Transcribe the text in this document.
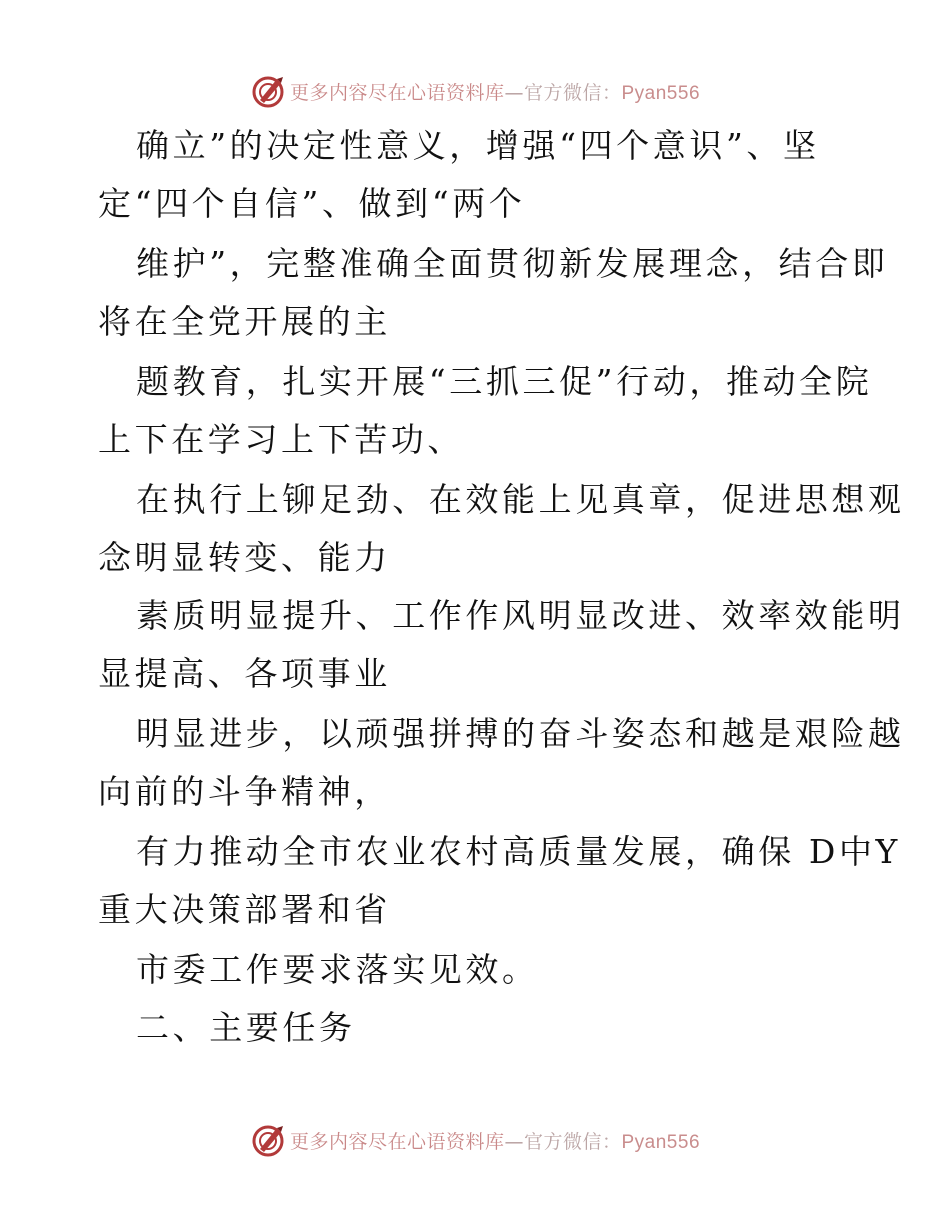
更多内容尽在心语资料库—官方微信：Pyan556
确立”的决定性意义，增强“四个意识”、坚
定“四个自信”、做到“两个
维护”，完整准确全面贯彻新发展理念，结合即
将在全党开展的主
题教育，扎实开展“三抓三促”行动，推动全院
上下在学习上下苦功、
在执行上铆足劲、在效能上见真章，促进思想观
念明显转变、能力
素质明显提升、工作作风明显改进、效率效能明
显提高、各项事业
明显进步，以顽强拼搏的奋斗姿态和越是艰险越
向前的斗争精神，
有力推动全市农业农村高质量发展，确保 D中Y
重大决策部署和省
市委工作要求落实见效。
二、主要任务
更多内容尽在心语资料库—官方微信：Pyan556
